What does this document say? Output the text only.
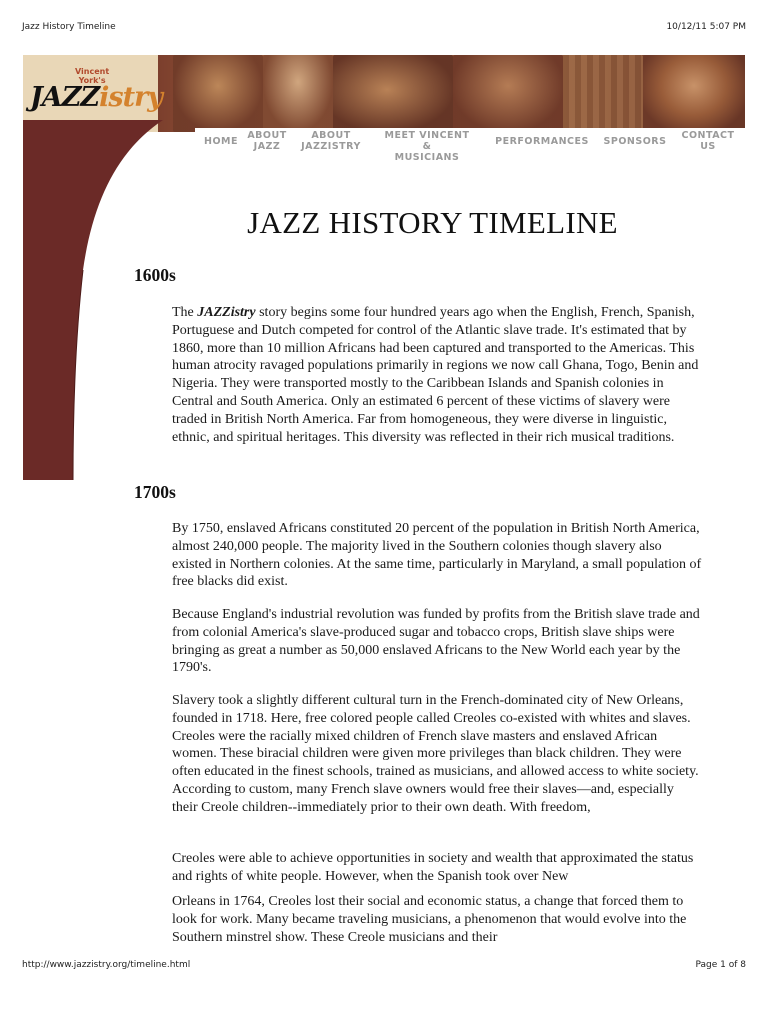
Jazz History Timeline	10/12/11 5:07 PM
Vincent
York's
JAZZistry
HOME
ABOUT
JAZZ
ABOUT
JAZZISTRY
MEET VINCENT &
MUSICIANS
PERFORMANCES SPONSORS
CONTACT
US
JAZZ HISTORY TIMELINE
1600s

The JAZZistry story begins some four hundred years ago when the English, French, Spanish, Portuguese and Dutch competed for control of the Atlantic slave trade. It's estimated that by 1860, more than 10 million Africans had been captured and transported to the Americas. This human atrocity ravaged populations primarily in regions we now call Ghana, Togo, Benin and Nigeria. They were transported mostly to the Caribbean Islands and Spanish colonies in Central and South America. Only an estimated 6 percent of these victims of slavery were traded in British North America. Far from homogeneous, they were diverse in linguistic, ethnic, and spiritual heritages. This diversity was reflected in their rich musical traditions.

1700s

By 1750, enslaved Africans constituted 20 percent of the population in British North America, almost 240,000 people. The majority lived in the Southern colonies though slavery also existed in Northern colonies. At the same time, particularly in Maryland, a small population of free blacks did exist.

Because England's industrial revolution was funded by profits from the British slave trade and from colonial America's slave-produced sugar and tobacco crops, British slave ships were bringing as great a number as 50,000 enslaved Africans to the New World each year by the 1790's.

Slavery took a slightly different cultural turn in the French-dominated city of New Orleans, founded in 1718. Here, free colored people called Creoles co-existed with whites and slaves. Creoles were the racially mixed children of French slave masters and enslaved African women. These biracial children were given more privileges than black children. They were often educated in the finest schools, trained as musicians, and allowed access to white society. According to custom, many French slave owners would free their slaves—and, especially their Creole children--immediately prior to their own death. With freedom,

Creoles were able to achieve opportunities in society and wealth that approximated the status and rights of white people. However, when the Spanish took over New

Orleans in 1764, Creoles lost their social and economic status, a change that forced them to look for work. Many became traveling musicians, a phenomenon that would evolve into the Southern minstrel show. These Creole musicians and their

http://www.jazzistry.org/timeline.html	Page 1 of 8
